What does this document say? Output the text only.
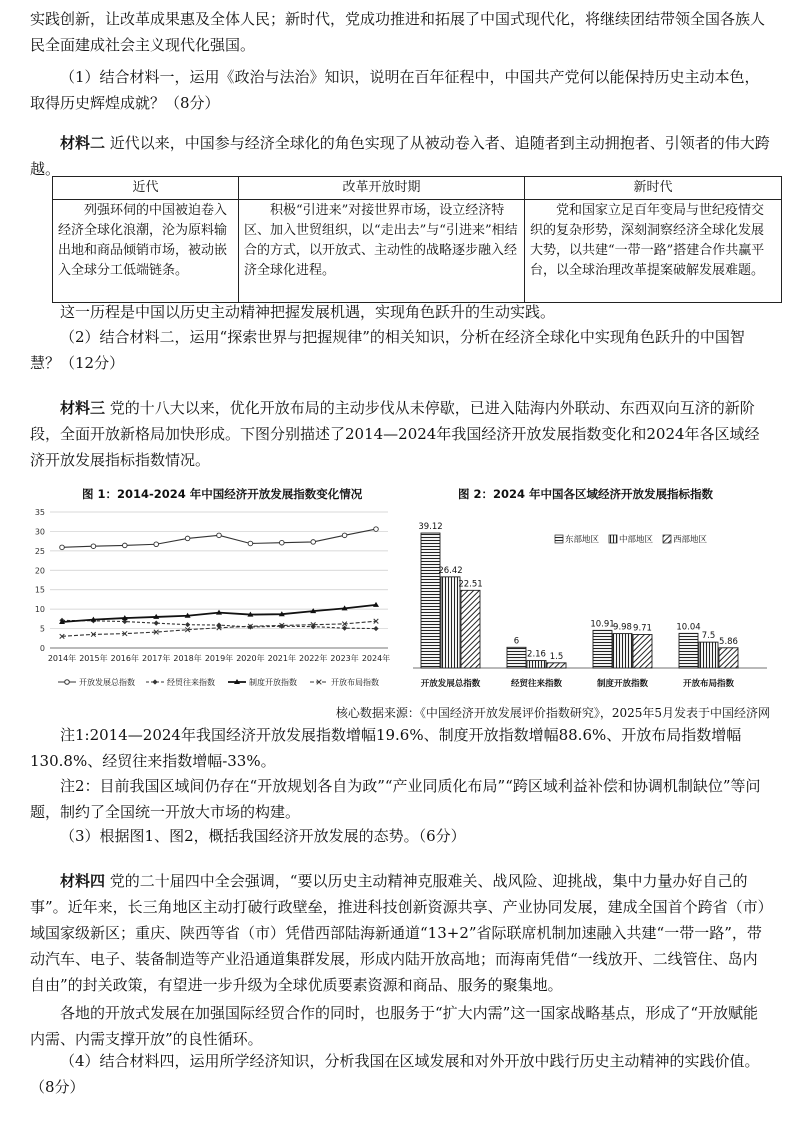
实践创新，让改革成果惠及全体人民；新时代，党成功推进和拓展了中国式现代化，将继续团结带领全国各族人
民全面建成社会主义现代化强国。

（1）结合材料一，运用《政治与法治》知识，说明在百年征程中，中国共产党何以能保持历史主动本色，取得历史辉煌成就？（8分）

材料二 近代以来，中国参与经济全球化的角色实现了从被动卷入者、追随者到主动拥抱者、引领者的伟大跨越。

近代	改革开放时期	新时代
列强环伺的中国被迫卷入经济全球化浪潮，沦为原料输出地和商品倾销市场，被动嵌入全球分工低端链条。	积极“引进来”对接世界市场，设立经济特区、加入世贸组织，以“走出去”与“引进来”相结合的方式，以开放式、主动性的战略逐步融入经济全球化进程。	党和国家立足百年变局与世纪疫情交织的复杂形势，深刻洞察经济全球化发展大势，以共建“一带一路”搭建合作共赢平台，以全球治理改革提案破解发展难题。

这一历程是中国以历史主动精神把握发展机遇，实现角色跃升的生动实践。

（2）结合材料二，运用“探索世界与把握规律”的相关知识，分析在经济全球化中实现角色跃升的中国智慧？（12分）

材料三 党的十八大以来，优化开放布局的主动步伐从未停歇，已进入陆海内外联动、东西双向互济的新阶段，全面开放新格局加快形成。下图分别描述了2014—2024年我国经济开放发展指数变化和2024年各区域经济开放发展指标指数情况。

图 1：2014-2024 年中国经济开放发展指数变化情况
0
5
10
15
20
25
30
35
2014年 2015年 2016年 2017年 2018年 2019年 2020年 2021年 2022年 2023年 2024年
开放发展总指数	经贸往来指数	制度开放指数	开放布局指数
图 2：2024 年中国各区域经济开放发展指标指数
39.12
26.42
22.51
开放发展总指数
6
2.16 1.5
经贸往来指数
10.91
9.98 9.71
制度开放指数
10.04
7.5
5.86
开放布局指数
东部地区 中部地区 西部地区
核心数据来源：《中国经济开放发展评价指数研究》，2025年5月发表于中国经济网

注1:2014—2024年我国经济开放发展指数增幅19.6%、制度开放指数增幅88.6%、开放布局指数增幅130.8%、经贸往来指数增幅-33%。

注2：目前我国区域间仍存在“开放规划各自为政”“产业同质化布局”“跨区域利益补偿和协调机制缺位”等问题，制约了全国统一开放大市场的构建。

（3）根据图1、图2，概括我国经济开放发展的态势。（6分）

材料四 党的二十届四中全会强调，“要以历史主动精神克服难关、战风险、迎挑战，集中力量办好自己的事”。近年来，长三角地区主动打破行政壁垒，推进科技创新资源共享、产业协同发展，建成全国首个跨省（市）域国家级新区；重庆、陕西等省（市）凭借西部陆海新通道“13+2”省际联席机制加速融入共建“一带一路”，带动汽车、电子、装备制造等产业沿通道集群发展，形成内陆开放高地；而海南凭借“一线放开、二线管住、岛内自由”的封关政策，有望进一步升级为全球优质要素资源和商品、服务的聚集地。

各地的开放式发展在加强国际经贸合作的同时，也服务于“扩大内需”这一国家战略基点，形成了“开放赋能内需、内需支撑开放”的良性循环。

（4）结合材料四，运用所学经济知识，分析我国在区域发展和对外开放中践行历史主动精神的实践价值。（8分）
